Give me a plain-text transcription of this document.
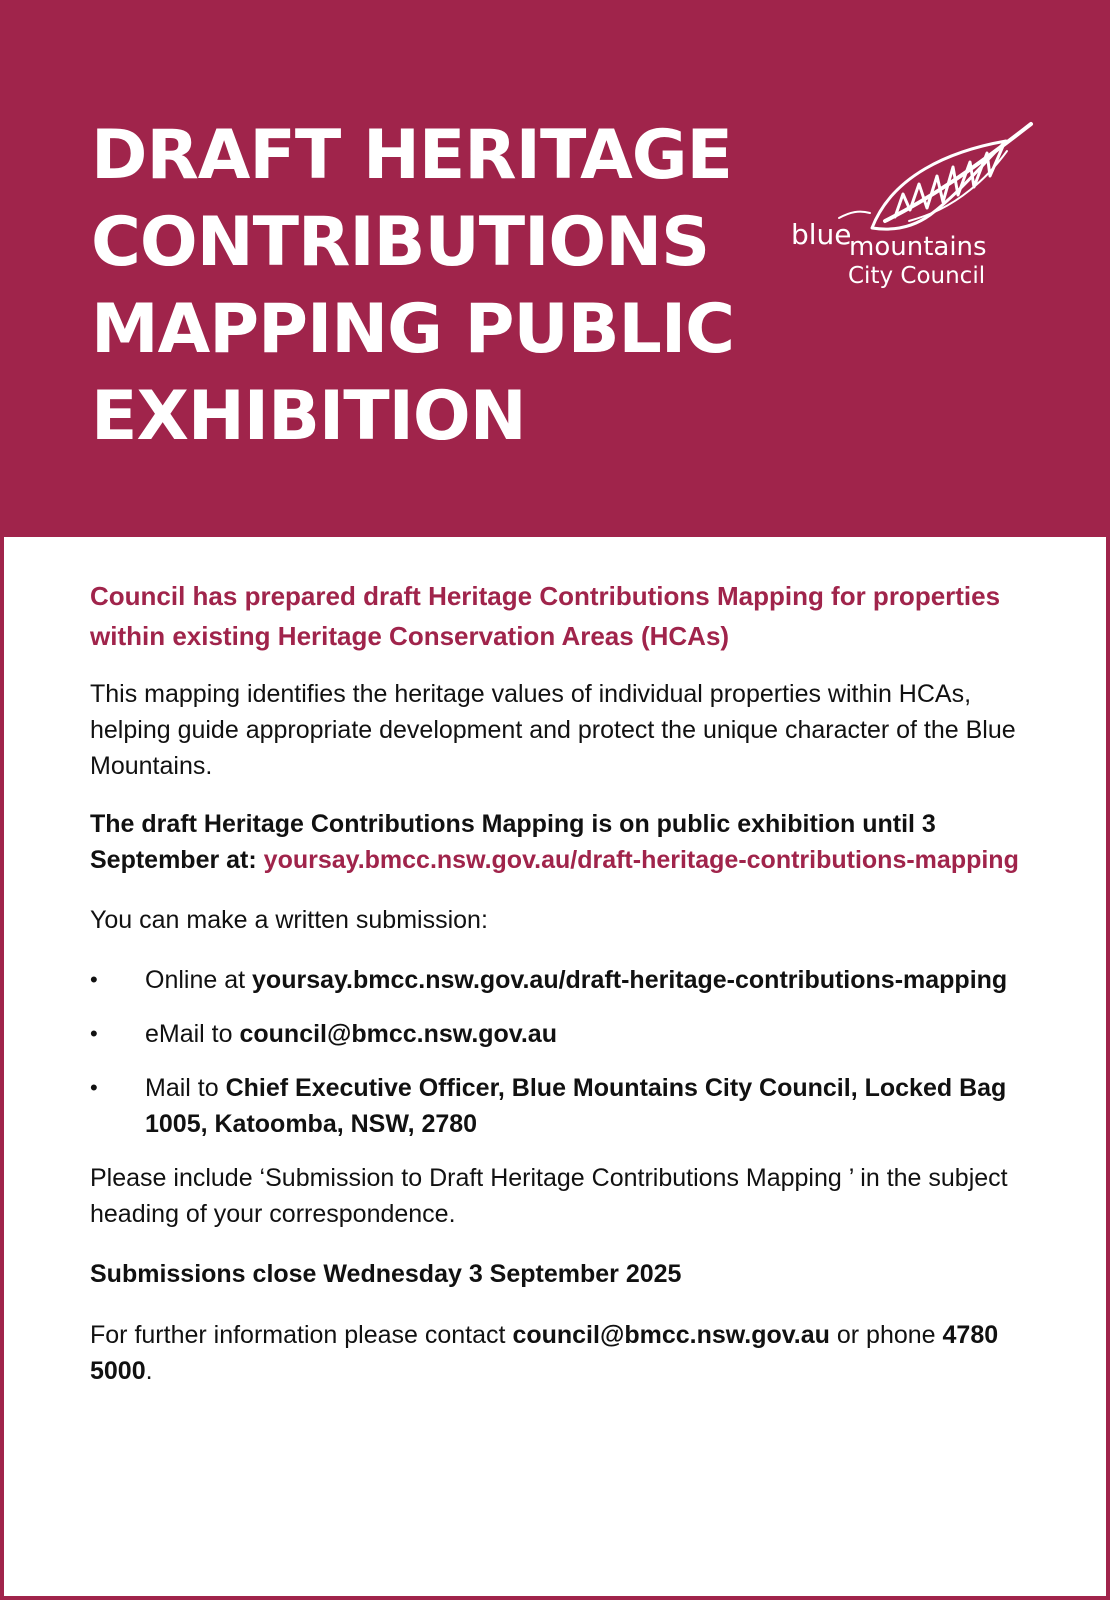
DRAFT HERITAGE
CONTRIBUTIONS
MAPPING PUBLIC
EXHIBITION
blue
mountains
City Council

Council has prepared draft Heritage Contributions Mapping for properties within existing Heritage Conservation Areas (HCAs)

This mapping identifies the heritage values of individual properties within HCAs, helping guide appropriate development and protect the unique character of the Blue Mountains.

The draft Heritage Contributions Mapping is on public exhibition until 3 September at: yoursay.bmcc.nsw.gov.au/draft-heritage-contributions-mapping

You can make a written submission:

• Online at yoursay.bmcc.nsw.gov.au/draft-heritage-contributions-mapping
• eMail to council@bmcc.nsw.gov.au
• Mail to Chief Executive Officer, Blue Mountains City Council, Locked Bag 1005, Katoomba, NSW, 2780

Please include ‘Submission to Draft Heritage Contributions Mapping ’ in the subject heading of your correspondence.

Submissions close Wednesday 3 September 2025

For further information please contact council@bmcc.nsw.gov.au or phone 4780 5000.
